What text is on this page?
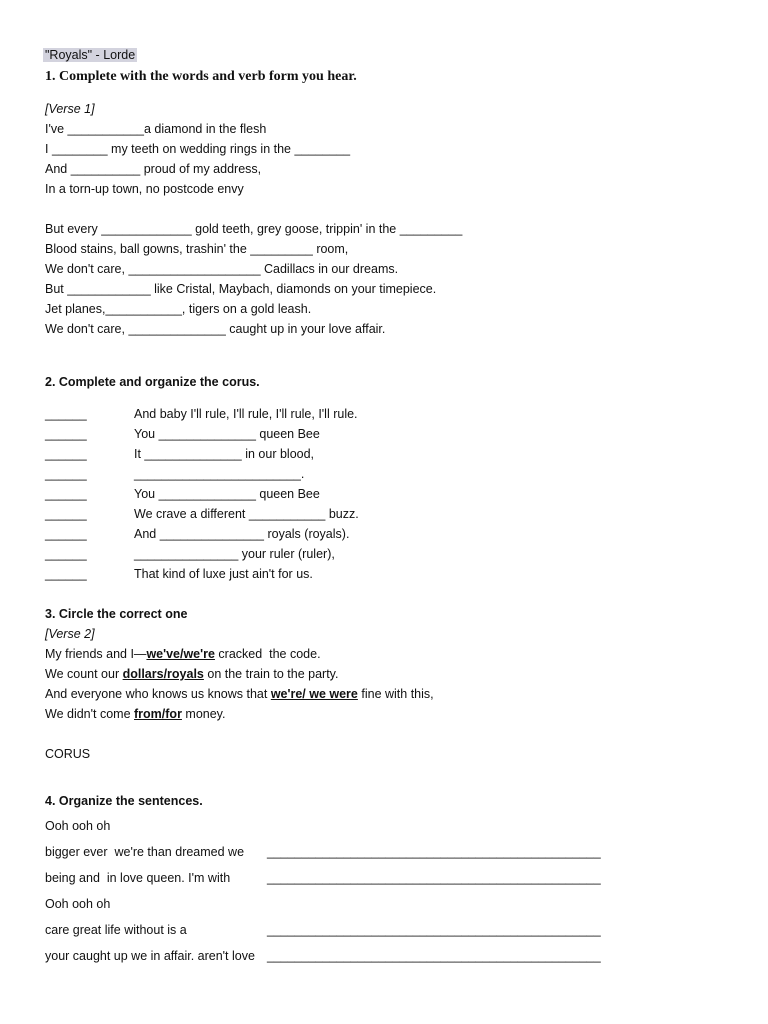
"Royals" - Lorde
1. Complete with the words and verb form you hear.
[Verse 1]
I've ___________a diamond in the flesh
I ________ my teeth on wedding rings in the ________
And __________ proud of my address,
In a torn-up town, no postcode envy
But every _____________ gold teeth, grey goose, trippin' in the _________
Blood stains, ball gowns, trashin' the _________ room,
We don't care, ___________________ Cadillacs in our dreams.
But ____________ like Cristal, Maybach, diamonds on your timepiece.
Jet planes,___________, tigers on a gold leash.
We don't care, ______________ caught up in your love affair.
2. Complete and organize the corus.
______	And baby I'll rule, I'll rule, I'll rule, I'll rule.
______	You ______________ queen Bee
______	It ______________ in our blood,
______	________________________.
______	You ______________ queen Bee
______	We crave a different ___________ buzz.
______	And _______________ royals (royals).
______	_______________ your ruler (ruler),
______	That kind of luxe just ain't for us.
3. Circle the correct one
[Verse 2]
My friends and I—we've/we're cracked  the code.
We count our dollars/royals on the train to the party.
And everyone who knows us knows that we're/ we were fine with this,
We didn't come from/for money.
CORUS
4. Organize the sentences.
Ooh ooh oh
bigger ever  we're than dreamed we ________________________________________________
being and  in love queen. I'm with	________________________________________________
Ooh ooh oh
care great life without is a	________________________________________________
your caught up we in affair. aren't love ________________________________________________
